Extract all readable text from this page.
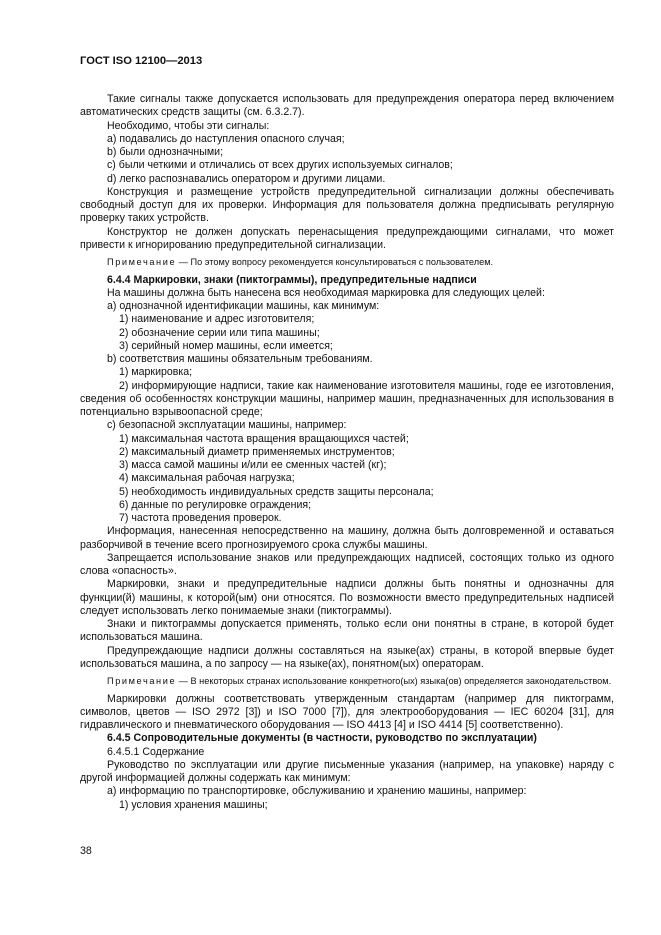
ГОСТ ISO 12100—2013

Такие сигналы также допускается использовать для предупреждения оператора перед включением автоматических средств защиты (см. 6.3.2.7).

Необходимо, чтобы эти сигналы:

a) подавались до наступления опасного случая;

b) были однозначными;

c) были четкими и отличались от всех других используемых сигналов;

d) легко распознавались оператором и другими лицами.

Конструкция и размещение устройств предупредительной сигнализации должны обеспечивать свободный доступ для их проверки. Информация для пользователя должна предписывать регулярную проверку таких устройств.

Конструктор не должен допускать перенасыщения предупреждающими сигналами, что может привести к игнорированию предупредительной сигнализации.

Примечание — По этому вопросу рекомендуется консультироваться с пользователем.

6.4.4 Маркировки, знаки (пиктограммы), предупредительные надписи

На машины должна быть нанесена вся необходимая маркировка для следующих целей:

a) однозначной идентификации машины, как минимум:

1) наименование и адрес изготовителя;

2) обозначение серии или типа машины;

3) серийный номер машины, если имеется;

b) соответствия машины обязательным требованиям.

1) маркировка;

2) информирующие надписи, такие как наименование изготовителя машины, годе ее изготовления, сведения об особенностях конструкции машины, например машин, предназначенных для использования в потенциально взрывоопасной среде;

c) безопасной эксплуатации машины, например:

1) максимальная частота вращения вращающихся частей;

2) максимальный диаметр применяемых инструментов;

3) масса самой машины и/или ее сменных частей (кг);

4) максимальная рабочая нагрузка;

5) необходимость индивидуальных средств защиты персонала;

6) данные по регулировке ограждения;

7) частота проведения проверок.

Информация, нанесенная непосредственно на машину, должна быть долговременной и оставаться разборчивой в течение всего прогнозируемого срока службы машины.

Запрещается использование знаков или предупреждающих надписей, состоящих только из одного слова «опасность».

Маркировки, знаки и предупредительные надписи должны быть понятны и однозначны для функции(й) машины, к которой(ым) они относятся. По возможности вместо предупредительных надписей следует использовать легко понимаемые знаки (пиктограммы).

Знаки и пиктограммы допускается применять, только если они понятны в стране, в которой будет использоваться машина.

Предупреждающие надписи должны составляться на языке(ах) страны, в которой впервые будет использоваться машина, а по запросу — на языке(ах), понятном(ых) операторам.

Примечание — В некоторых странах использование конкретного(ых) языка(ов) определяется законодательством.

Маркировки должны соответствовать утвержденным стандартам (например для пиктограмм, символов, цветов — ISO 2972 [3]) и ISO 7000 [7]), для электрооборудования — IEC 60204 [31], для гидравлического и пневматического оборудования — ISO 4413 [4] и ISO 4414 [5] соответственно).

6.4.5 Сопроводительные документы (в частности, руководство по эксплуатации)

6.4.5.1 Содержание

Руководство по эксплуатации или другие письменные указания (например, на упаковке) наряду с другой информацией должны содержать как минимум:

a) информацию по транспортировке, обслуживанию и хранению машины, например:

1) условия хранения машины;

38
